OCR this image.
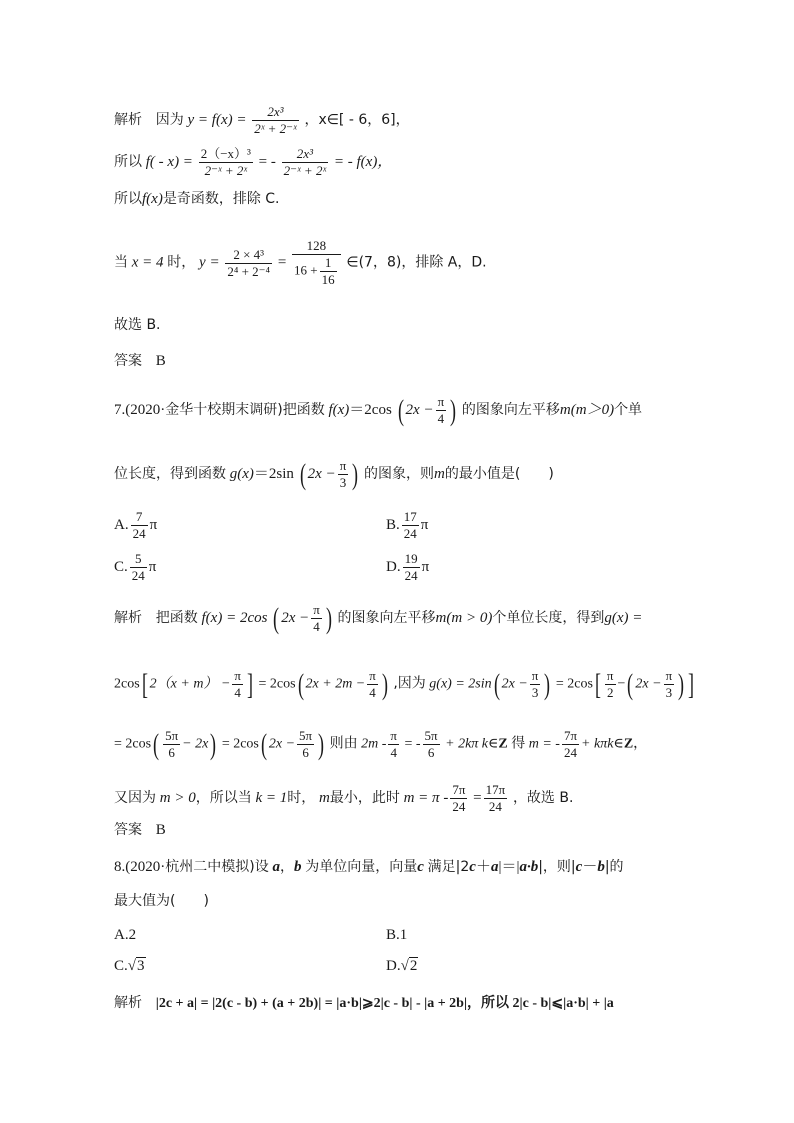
解析 因为 $y = f(x) = \frac{\text{2x³}}{\text{2ˣ + 2⁻ˣ}}$ ，x∈[ - 6，6]，
所以 $f( - x) = \frac{\text{2（−x）³}}{\text{2⁻ˣ + 2ˣ}}$ = - $\frac{\text{2x³}}{\text{2⁻ˣ + 2ˣ}}$ = - f(x)，
所以f(x)是奇函数，排除 C.
当 x = 4 时， $y = \frac{\text{2 × 4³}}{\text{2⁴ + 2⁻⁴}} = \frac{128}{16 + \frac{1}{16}}$ ∈(7，8)，排除 A，D.
故选 B.
答案 B
7.(2020·金华十校期末调研)把函数 f(x)＝2cos ( $2x - \frac{\pi}{4}$ ) 的图象向左平移m(m＞0)个单
位长度，得到函数 g(x)＝2sin ( $2x - \frac{\pi}{3}$ ) 的图象，则m的最小值是(　　)
A. $\frac{7}{24}$ π	B. $\frac{17}{24}$ π
C. $\frac{5}{24}$ π	D. $\frac{19}{24}$ π
解析 把函数 f(x) = 2cos ( $2x - \frac{\pi}{4}$ ) 的图象向左平移m(m > 0)个单位长度，得到g(x) =
2cos[ $2(x + m) - \frac{\pi}{4}$ ] = 2cos( $2x + 2m - \frac{\pi}{4}$ ) ,因为 g(x) = 2sin( $2x - \frac{\pi}{3}$ ) = $2\cos[ \frac{\pi}{2}$ −( $2x - \frac{\pi}{3}$ ) ]
= $2\cos( \frac{5\pi}{6} - 2x) = 2\cos$( $2x - \frac{5\pi}{6}$ ) 则由 $2m - \frac{\pi}{4}$ = - $\frac{5\pi}{6} + 2k\pi$ k∈Z 得 m = - $\frac{7\pi}{24}$ + kπk∈Z，
又因为 m > 0，所以当 k = 1时， m最小，此时 $m = \pi - \frac{7\pi}{24} = \frac{17\pi}{24}$ ，故选 B.
答案 B
8.(2020·杭州二中模拟)设 a，b 为单位向量，向量c 满足|2c＋a|＝|a·b|，则|c－b|的
最大值为(　　)
A.2	B.1
C.√3	D.√2
解析 |2c + a| = |2(c - b) + (a + 2b)| = |a·b|⩾2|c - b| - |a + 2b|，所以 2|c - b|⩽|a·b| + |a
